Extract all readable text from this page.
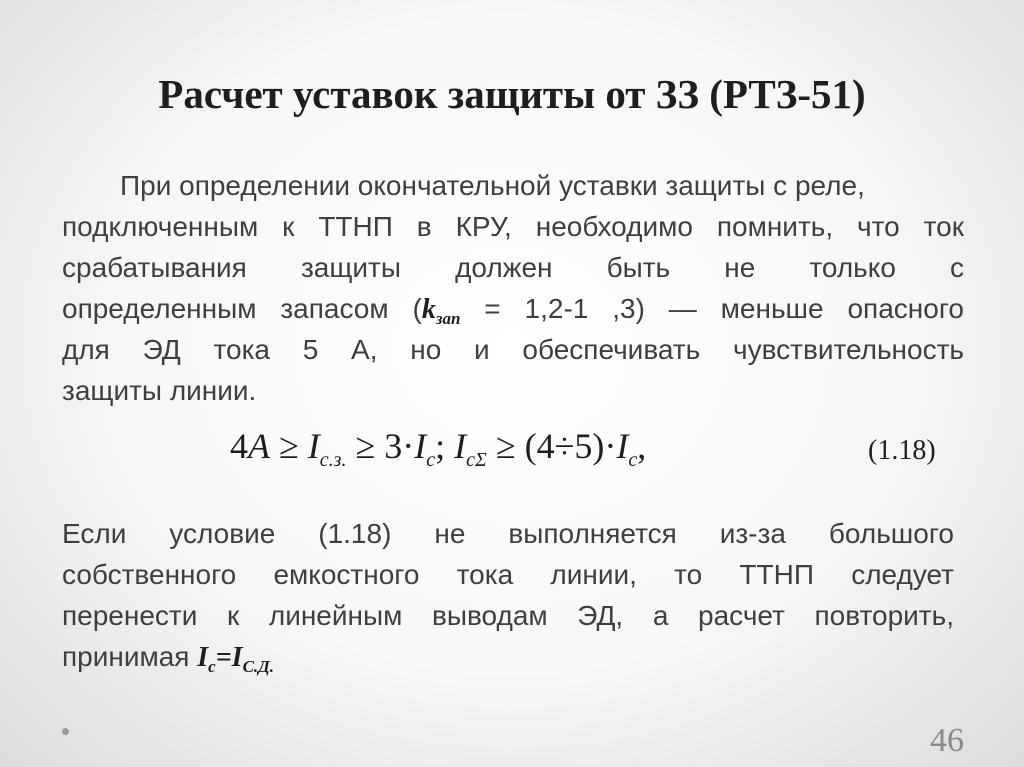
Расчет уставок защиты от ЗЗ (РТЗ-51)
При определении окончательной уставки защиты с реле,
подключенным к ТТНП в КРУ, необходимо помнить, что ток
срабатывания защиты должен быть не только с
определенным запасом ($k_{зап} = 1,2-1$ ,3) — меньше опасного
для ЭД тока 5 А, но и обеспечивать чувствительность
защиты линии.
$4A \ge I_{с.з.} \ge 3\cdot I_с$; $I_{с\Sigma} \ge (4\div 5)\cdot I_с$,	(1.18)
Если условие (1.18) не выполняется из-за большого
собственного емкостного тока линии, то ТТНП следует
перенести к линейным выводам ЭД, а расчет повторить,
принимая $I_с=I_{С.Д.}$
46
